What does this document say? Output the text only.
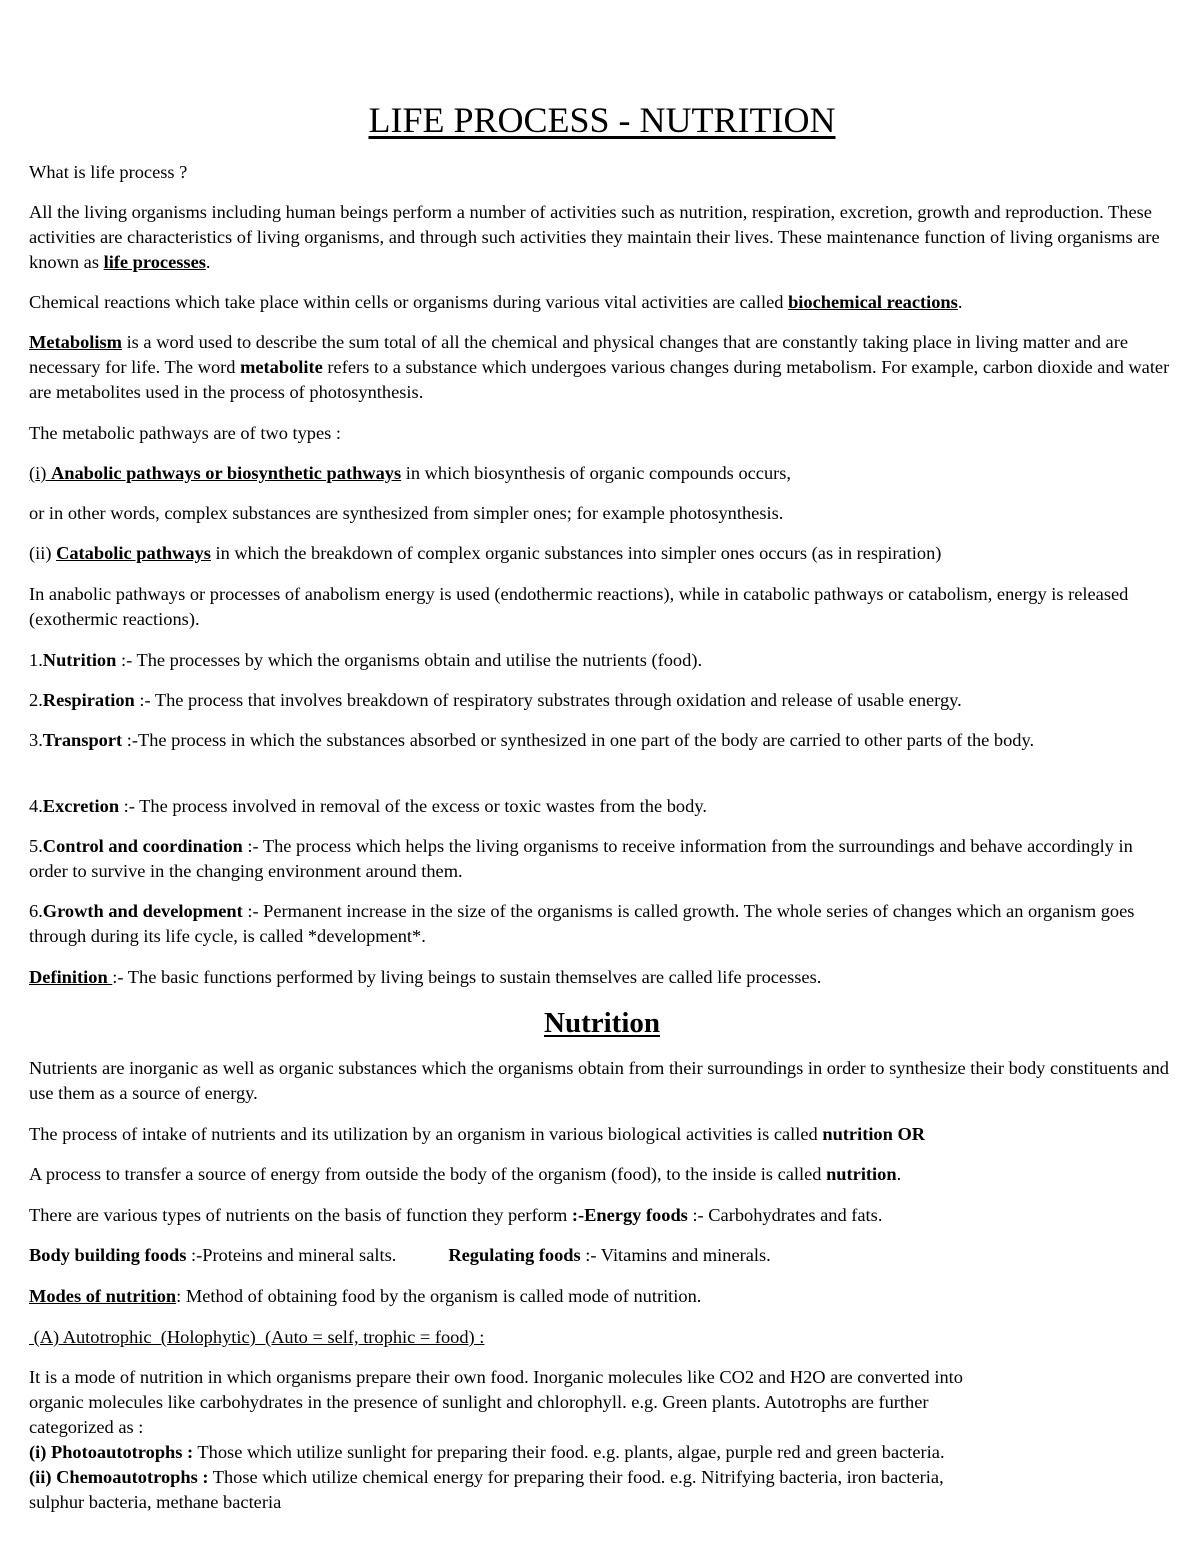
LIFE PROCESS - NUTRITION

What is life process ?

All the living organisms including human beings perform a number of activities such as nutrition, respiration, excretion, growth and reproduction. These activities are characteristics of living organisms, and through such activities they maintain their lives. These maintenance function of living organisms are known as life processes.

Chemical reactions which take place within cells or organisms during various vital activities are called biochemical reactions.

Metabolism is a word used to describe the sum total of all the chemical and physical changes that are constantly taking place in living matter and are necessary for life. The word metabolite refers to a substance which undergoes various changes during metabolism. For example, carbon dioxide and water are metabolites used in the process of photosynthesis.

The metabolic pathways are of two types :

(i) Anabolic pathways or biosynthetic pathways in which biosynthesis of organic compounds occurs,

or in other words, complex substances are synthesized from simpler ones; for example photosynthesis.

(ii) Catabolic pathways in which the breakdown of complex organic substances into simpler ones occurs (as in respiration)

In anabolic pathways or processes of anabolism energy is used (endothermic reactions), while in catabolic pathways or catabolism, energy is released (exothermic reactions).

1.Nutrition :- The processes by which the organisms obtain and utilise the nutrients (food).

2.Respiration :- The process that involves breakdown of respiratory substrates through oxidation and release of usable energy.

3.Transport :-The process in which the substances absorbed or synthesized in one part of the body are carried to other parts of the body.

4.Excretion :- The process involved in removal of the excess or toxic wastes from the body.

5.Control and coordination :- The process which helps the living organisms to receive information from the surroundings and behave accordingly in order to survive in the changing environment around them.

6.Growth and development :- Permanent increase in the size of the organisms is called growth. The whole series of changes which an organism goes through during its life cycle, is called *development*.

Definition :- The basic functions performed by living beings to sustain themselves are called life processes.

Nutrition

Nutrients are inorganic as well as organic substances which the organisms obtain from their surroundings in order to synthesize their body constituents and use them as a source of energy.

The process of intake of nutrients and its utilization by an organism in various biological activities is called nutrition OR

A process to transfer a source of energy from outside the body of the organism (food), to the inside is called nutrition.

There are various types of nutrients on the basis of function they perform :-Energy foods :- Carbohydrates and fats.

Body building foods :-Proteins and mineral salts.	Regulating foods :- Vitamins and minerals.

Modes of nutrition: Method of obtaining food by the organism is called mode of nutrition.

(A) Autotrophic  (Holophytic)  (Auto = self, trophic = food) :

It is a mode of nutrition in which organisms prepare their own food. Inorganic molecules like CO2 and H2O are converted into organic molecules like carbohydrates in the presence of sunlight and chlorophyll. e.g. Green plants. Autotrophs are further categorized as :
(i) Photoautotrophs : Those which utilize sunlight for preparing their food. e.g. plants, algae, purple red and green bacteria.
(ii) Chemoautotrophs : Those which utilize chemical energy for preparing their food. e.g. Nitrifying bacteria, iron bacteria, sulphur bacteria, methane bacteria
